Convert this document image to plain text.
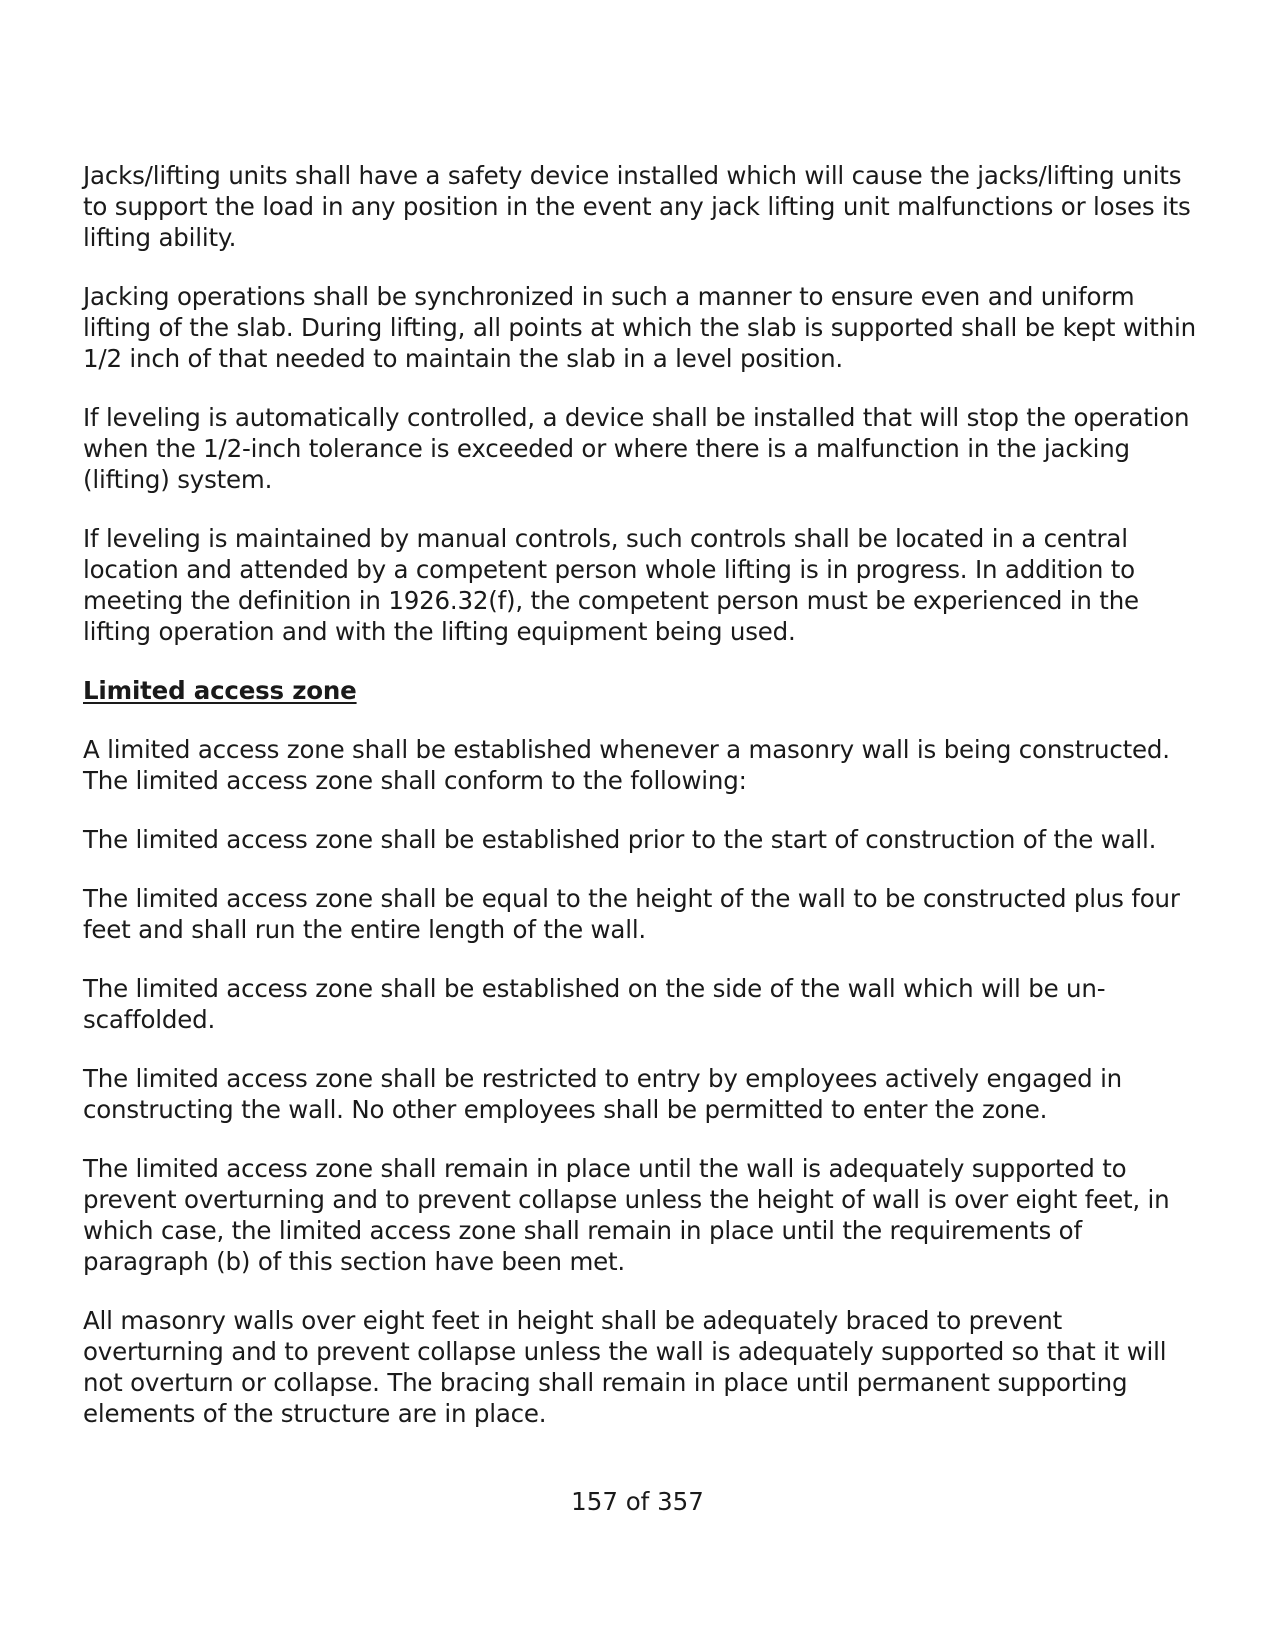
Jacks/lifting units shall have a safety device installed which will cause the jacks/lifting units to support the load in any position in the event any jack lifting unit malfunctions or loses its lifting ability.

Jacking operations shall be synchronized in such a manner to ensure even and uniform lifting of the slab. During lifting, all points at which the slab is supported shall be kept within 1/2 inch of that needed to maintain the slab in a level position.

If leveling is automatically controlled, a device shall be installed that will stop the operation when the 1/2-inch tolerance is exceeded or where there is a malfunction in the jacking (lifting) system.

If leveling is maintained by manual controls, such controls shall be located in a central location and attended by a competent person whole lifting is in progress. In addition to meeting the definition in 1926.32(f), the competent person must be experienced in the lifting operation and with the lifting equipment being used.

Limited access zone

A limited access zone shall be established whenever a masonry wall is being constructed. The limited access zone shall conform to the following:

The limited access zone shall be established prior to the start of construction of the wall.

The limited access zone shall be equal to the height of the wall to be constructed plus four feet and shall run the entire length of the wall.

The limited access zone shall be established on the side of the wall which will be un-scaffolded.

The limited access zone shall be restricted to entry by employees actively engaged in constructing the wall. No other employees shall be permitted to enter the zone.

The limited access zone shall remain in place until the wall is adequately supported to prevent overturning and to prevent collapse unless the height of wall is over eight feet, in which case, the limited access zone shall remain in place until the requirements of paragraph (b) of this section have been met.

All masonry walls over eight feet in height shall be adequately braced to prevent overturning and to prevent collapse unless the wall is adequately supported so that it will not overturn or collapse. The bracing shall remain in place until permanent supporting elements of the structure are in place.

157 of 357
